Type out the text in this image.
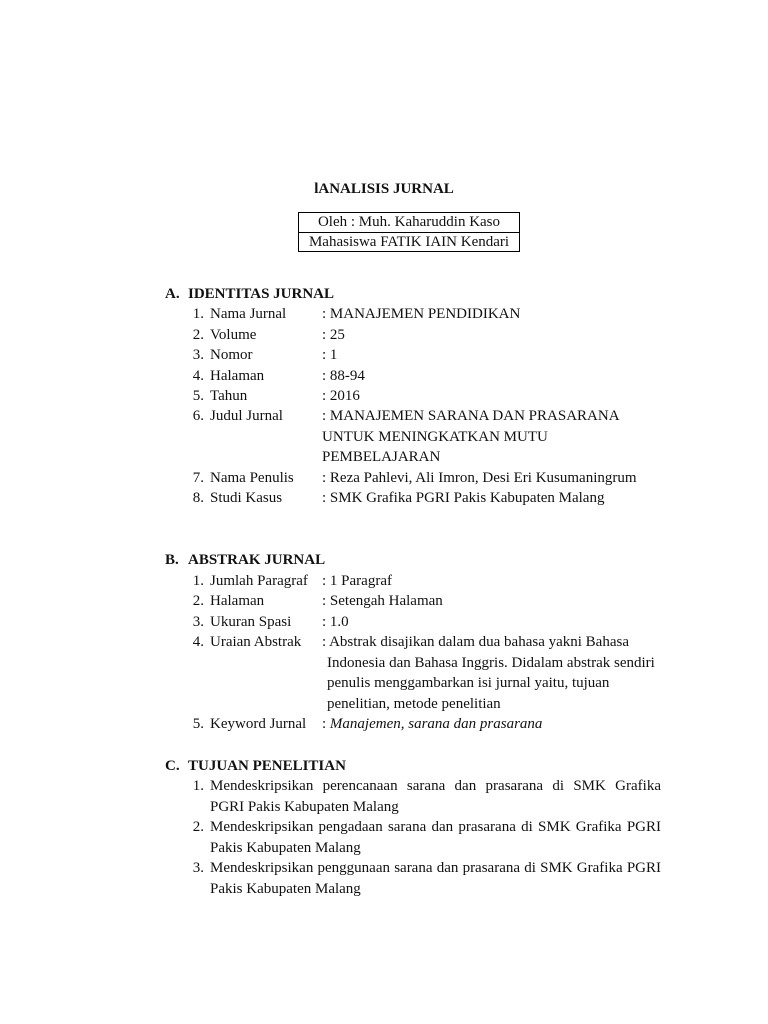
lANALISIS JURNAL
Oleh : Muh. Kaharuddin Kaso
Mahasiswa FATIK IAIN Kendari
A. IDENTITAS JURNAL
1. Nama Jurnal : MANAJEMEN PENDIDIKAN
2. Volume	: 25
3. Nomor	: 1
4. Halaman	: 88-94
5. Tahun	: 2016
6. Judul Jurnal	: MANAJEMEN SARANA DAN PRASARANA
UNTUK MENINGKATKAN MUTU
PEMBELAJARAN
7. Nama Penulis : Reza Pahlevi, Ali Imron, Desi Eri Kusumaningrum
8. Studi Kasus	: SMK Grafika PGRI Pakis Kabupaten Malang
B. ABSTRAK JURNAL
1. Jumlah Paragraf : 1 Paragraf
2. Halaman	: Setengah Halaman
3. Ukuran Spasi : 1.0
4. Uraian Abstrak : Abstrak disajikan dalam dua bahasa yakni Bahasa
Indonesia dan Bahasa Inggris. Didalam abstrak sendiri
penulis menggambarkan isi jurnal yaitu, tujuan
penelitian, metode penelitian
5. Keyword Jurnal : Manajemen, sarana dan prasarana
C. TUJUAN PENELITIAN
1. Mendeskripsikan perencanaan sarana dan prasarana di SMK Grafika
PGRI Pakis Kabupaten Malang
2. Mendeskripsikan pengadaan sarana dan prasarana di SMK Grafika PGRI
Pakis Kabupaten Malang
3. Mendeskripsikan penggunaan sarana dan prasarana di SMK Grafika PGRI
Pakis Kabupaten Malang
